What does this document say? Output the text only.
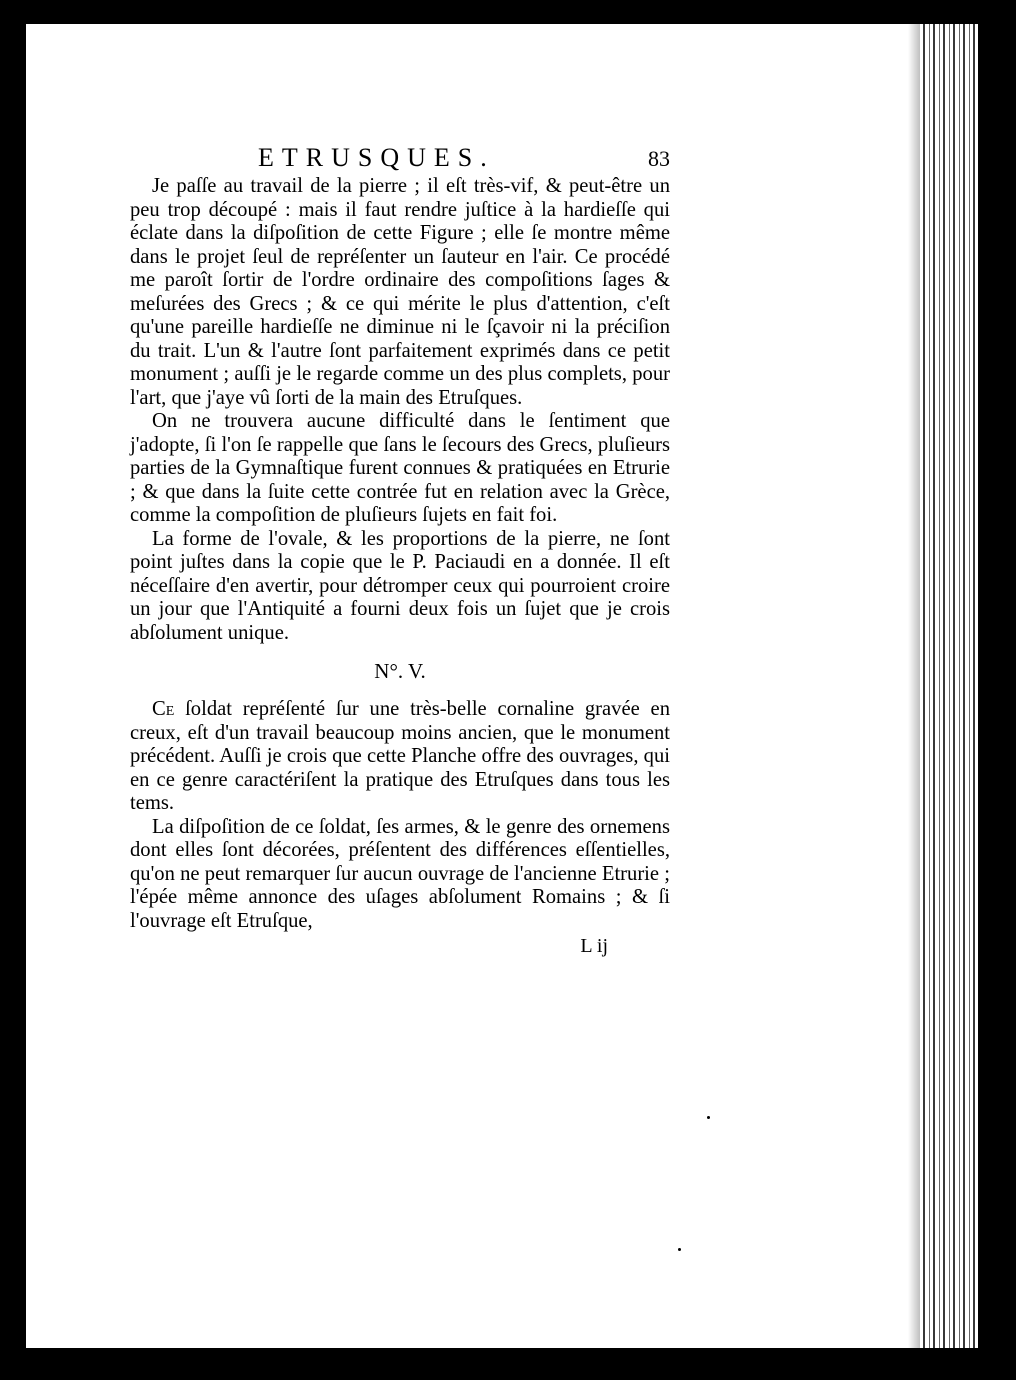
ETRUSQUES.	83

Je paſſe au travail de la pierre ; il eſt très-vif, & peut-être un peu trop découpé : mais il faut rendre juſtice à la hardieſſe qui éclate dans la diſpoſition de cette Figure ; elle ſe montre même dans le projet ſeul de repréſenter un ſauteur en l'air. Ce procédé me paroît ſortir de l'ordre ordinaire des compoſitions ſages & meſurées des Grecs ; & ce qui mérite le plus d'attention, c'eſt qu'une pareille hardieſſe ne diminue ni le ſçavoir ni la préciſion du trait. L'un & l'autre ſont parfaitement exprimés dans ce petit monument ; auſſi je le regarde comme un des plus complets, pour l'art, que j'aye vû ſorti de la main des Etruſques.

On ne trouvera aucune difficulté dans le ſentiment que j'adopte, ſi l'on ſe rappelle que ſans le ſecours des Grecs, pluſieurs parties de la Gymnaſtique furent connues & pratiquées en Etrurie ; & que dans la ſuite cette contrée fut en relation avec la Grèce, comme la compoſition de pluſieurs ſujets en fait foi.

La forme de l'ovale, & les proportions de la pierre, ne ſont point juſtes dans la copie que le P. Paciaudi en a donnée. Il eſt néceſſaire d'en avertir, pour détromper ceux qui pourroient croire un jour que l'Antiquité a fourni deux fois un ſujet que je crois abſolument unique.

N°. V.

Ce ſoldat repréſenté ſur une très-belle cornaline gravée en creux, eſt d'un travail beaucoup moins ancien, que le monument précédent. Auſſi je crois que cette Planche offre des ouvrages, qui en ce genre caractériſent la pratique des Etruſques dans tous les tems.

La diſpoſition de ce ſoldat, ſes armes, & le genre des ornemens dont elles ſont décorées, préſentent des différences eſſentielles, qu'on ne peut remarquer ſur aucun ouvrage de l'ancienne Etrurie ; l'épée même annonce des uſages abſolument Romains ; & ſi l'ouvrage eſt Etruſque,

L ij
